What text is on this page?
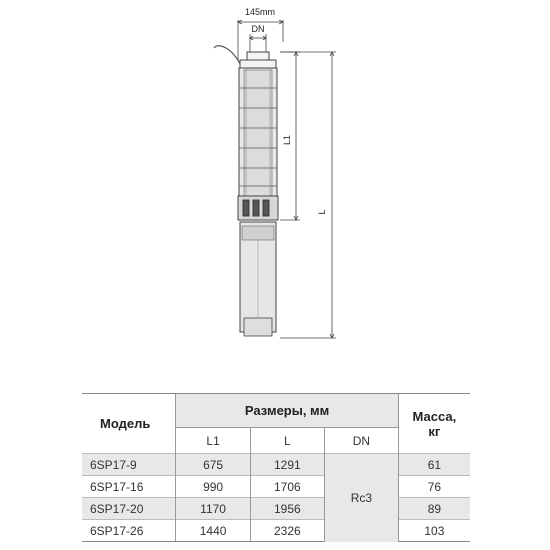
145mm
DN
L1
L
Модель	Размеры, мм			Масса,
кг

	L1	L	DN	
6SP17-9	675	1291	Rc3	61
6SP17-16	990	1706		76
6SP17-20	1170	1956		89
6SP17-26	1440	2326		103
